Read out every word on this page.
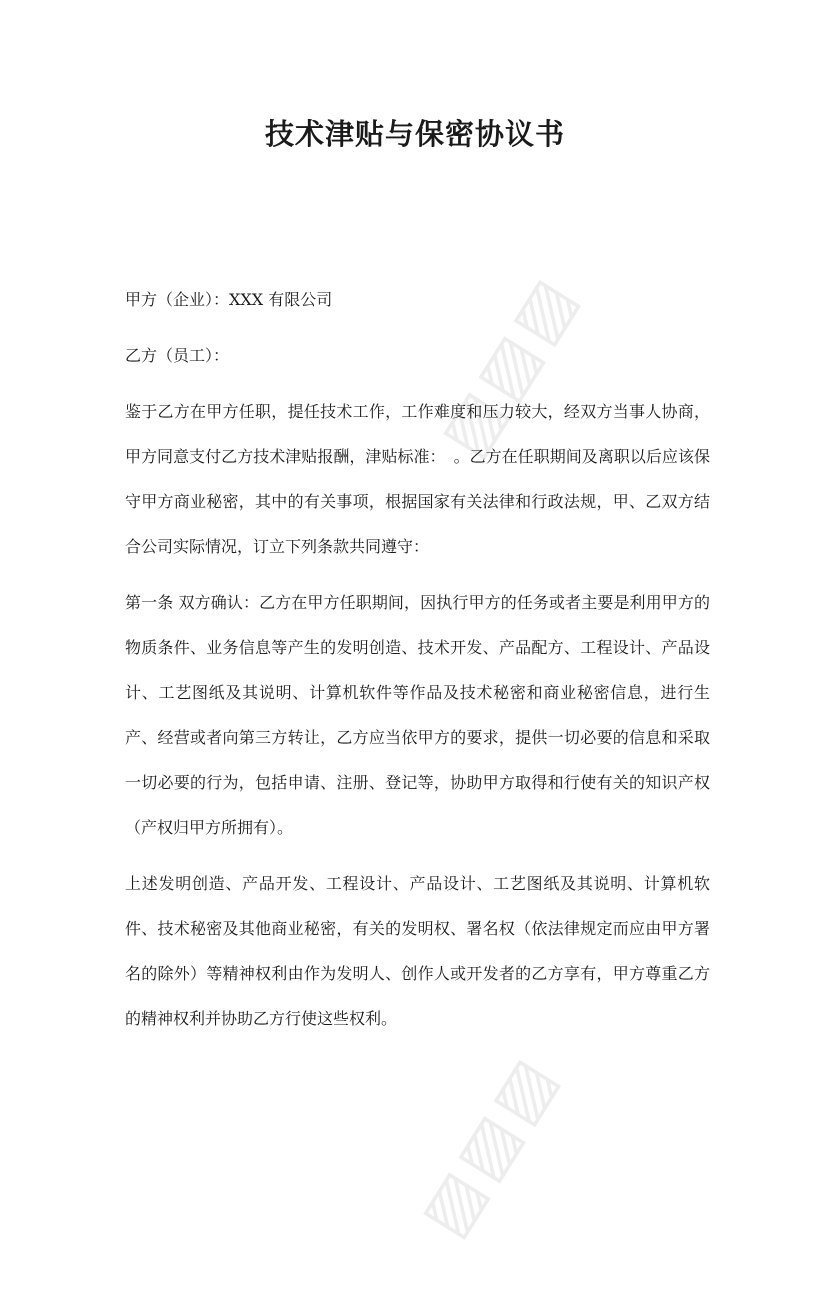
▨▨▨
▨▨▨
技术津贴与保密协议书

甲方（企业）：XXX 有限公司

乙方（员工）：

鉴于乙方在甲方任职，提任技术工作，工作难度和压力较大，经双方当事人协商，甲方同意支付乙方技术津贴报酬，津贴标准：　。乙方在任职期间及离职以后应该保守甲方商业秘密，其中的有关事项，根据国家有关法律和行政法规，甲、乙双方结合公司实际情况，订立下列条款共同遵守：

第一条 双方确认：乙方在甲方任职期间，因执行甲方的任务或者主要是利用甲方的物质条件、业务信息等产生的发明创造、技术开发、产品配方、工程设计、产品设计、工艺图纸及其说明、计算机软件等作品及技术秘密和商业秘密信息，进行生产、经营或者向第三方转让，乙方应当依甲方的要求，提供一切必要的信息和采取一切必要的行为，包括申请、注册、登记等，协助甲方取得和行使有关的知识产权（产权归甲方所拥有）。

上述发明创造、产品开发、工程设计、产品设计、工艺图纸及其说明、计算机软件、技术秘密及其他商业秘密，有关的发明权、署名权（依法律规定而应由甲方署名的除外）等精神权利由作为发明人、创作人或开发者的乙方享有，甲方尊重乙方的精神权利并协助乙方行使这些权利。
